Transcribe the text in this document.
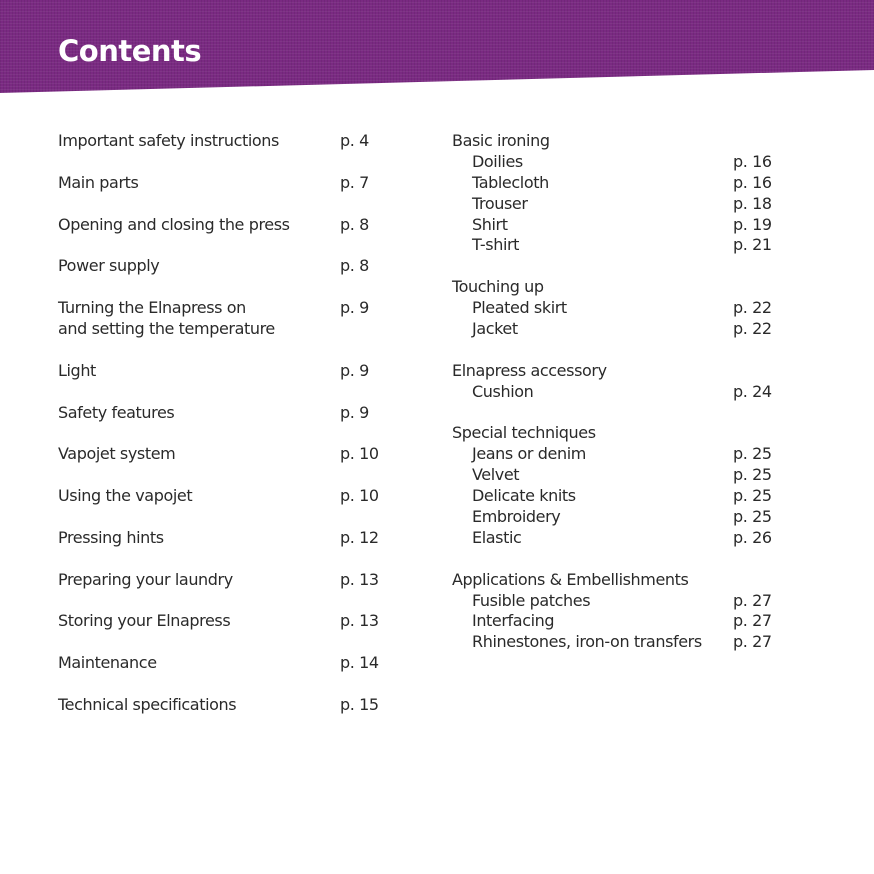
Contents
Important safety instructions	p. 4
Main parts	p. 7
Opening and closing the press	p. 8
Power supply	p. 8
Turning the Elnapress on	p. 9
and setting the temperature
Light	p. 9
Safety features	p. 9
Vapojet system	p. 10
Using the vapojet	p. 10
Pressing hints	p. 12
Preparing your laundry	p. 13
Storing your Elnapress	p. 13
Maintenance	p. 14
Technical specifications	p. 15
Basic ironing
Doilies	p. 16
Tablecloth	p. 16
Trouser	p. 18
Shirt	p. 19
T-shirt	p. 21
Touching up
Pleated skirt	p. 22
Jacket	p. 22
Elnapress accessory
Cushion	p. 24
Special techniques
Jeans or denim	p. 25
Velvet	p. 25
Delicate knits	p. 25
Embroidery	p. 25
Elastic	p. 26
Applications & Embellishments
Fusible patches	p. 27
Interfacing	p. 27
Rhinestones, iron-on transfers p. 27
